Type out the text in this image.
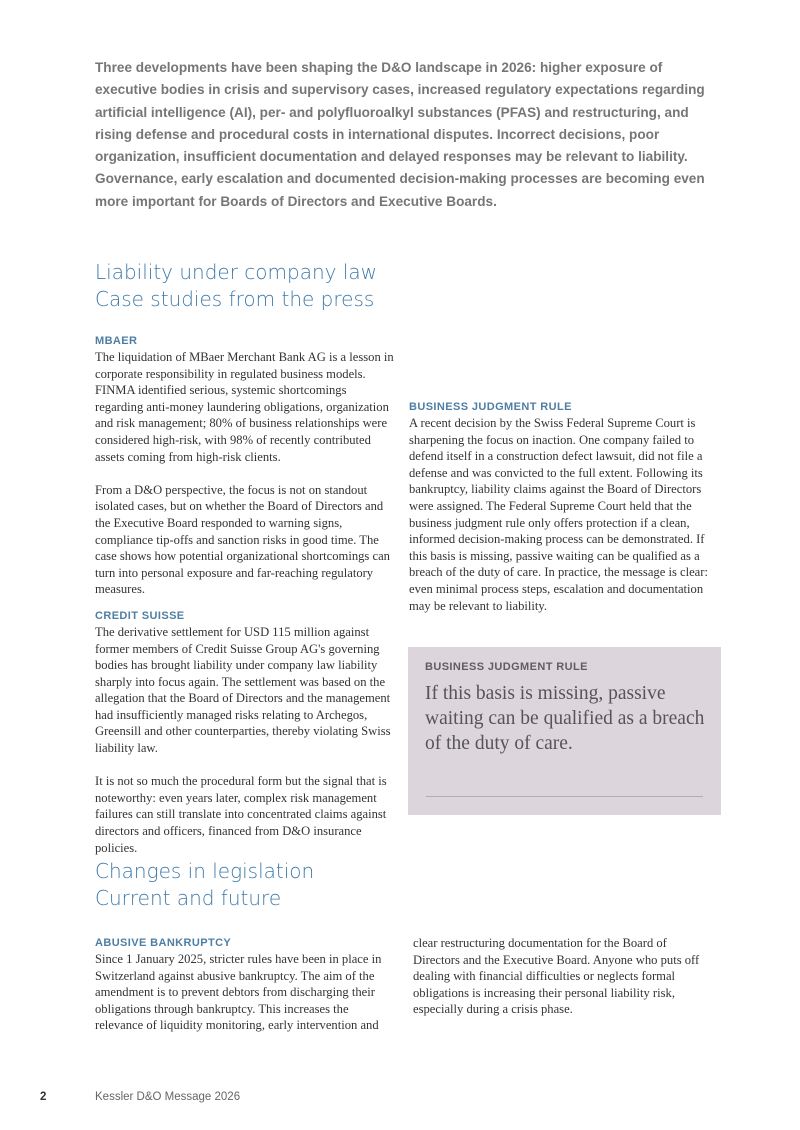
Three developments have been shaping the D&O landscape in 2026: higher exposure of executive bodies in crisis and supervisory cases, increased regulatory expectations regarding artificial intelligence (AI), per- and polyfluoroalkyl substances (PFAS) and restructuring, and rising defense and procedural costs in international disputes. Incorrect decisions, poor organization, insufficient documentation and delayed responses may be relevant to liability. Governance, early escalation and documented decision-making processes are becoming even more important for Boards of Directors and Executive Boards.

Liability under company law
Case studies from the press
MBAER

The liquidation of MBaer Merchant Bank AG is a lesson in corporate responsibility in regulated business models. FINMA identified serious, systemic shortcomings regarding anti-money laundering obligations, organization and risk management; 80% of business relationships were considered high-risk, with 98% of recently contributed assets coming from high-risk clients.

From a D&O perspective, the focus is not on standout isolated cases, but on whether the Board of Directors and the Executive Board responded to warning signs, compliance tip-offs and sanction risks in good time. The case shows how potential organizational shortcomings can turn into personal exposure and far-reaching regulatory measures.

CREDIT SUISSE

The derivative settlement for USD 115 million against former members of Credit Suisse Group AG's governing bodies has brought liability under company law liability sharply into focus again. The settlement was based on the allegation that the Board of Directors and the management had insufficiently managed risks relating to Archegos, Greensill and other counterparties, thereby violating Swiss liability law.

It is not so much the procedural form but the signal that is noteworthy: even years later, complex risk management failures can still translate into concentrated claims against directors and officers, financed from D&O insurance policies.

BUSINESS JUDGMENT RULE

A recent decision by the Swiss Federal Supreme Court is sharpening the focus on inaction. One company failed to defend itself in a construction defect lawsuit, did not file a defense and was convicted to the full extent. Following its bankruptcy, liability claims against the Board of Directors were assigned. The Federal Supreme Court held that the business judgment rule only offers protection if a clean, informed decision-making process can be demonstrated. If this basis is missing, passive waiting can be qualified as a breach of the duty of care. In practice, the message is clear: even minimal process steps, escalation and documentation may be relevant to liability.

BUSINESS JUDGMENT RULE

If this basis is missing, passive waiting can be qualified as a breach of the duty of care.

Changes in legislation
Current and future
ABUSIVE BANKRUPTCY

Since 1 January 2025, stricter rules have been in place in Switzerland against abusive bankruptcy. The aim of the amendment is to prevent debtors from discharging their obligations through bankruptcy. This increases the relevance of liquidity monitoring, early intervention and clear restructuring documentation for the Board of Directors and the Executive Board. Anyone who puts off dealing with financial difficulties or neglects formal obligations is increasing their personal liability risk, especially during a crisis phase.

2	Kessler D&O Message 2026
